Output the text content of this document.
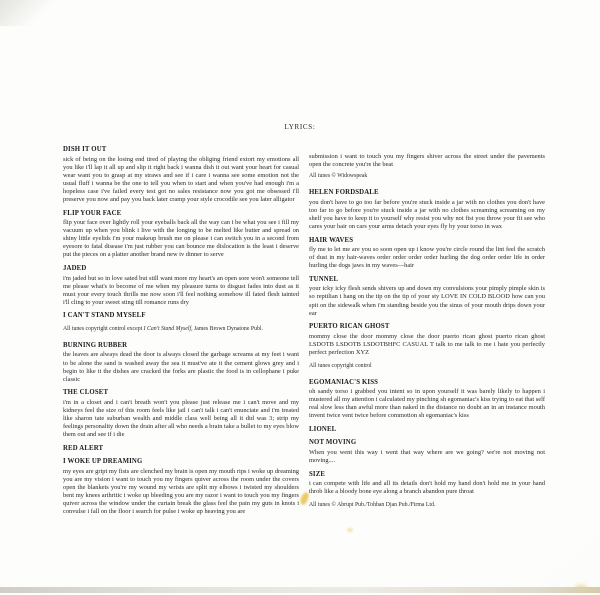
LYRICS:
DISH IT OUT

sick of being on the losing end tired of playing the obliging friend extort my emotions all you like i'll lap it all up and slip it right back i wanna dish it out want your heart for casual wear want you to grasp at my straws and see if i care i wanna see some emotion not the usual fluff i wanna be the one to tell you when to start and when you've had enough i'm a hopeless case i've failed every test got no sales resistance now you got me obsessed i'll preserve you now and pay you back later cramp your style crocodile see you later alligator

FLIP YOUR FACE

flip your face over lightly roll your eyeballs back all the way can i be what you see i fill my vacuum up when you blink i live with the longing to be melted like butter and spread on shiny little eyelids i'm your makeup brush me on please i can switch you in a second from eyesore to fatal disease i'm just rubber you can bounce me dislocation is the least i deserve put the pieces on a platter another brand new tv dinner to serve

JADED

i'm jaded but so in love sated but still want more my heart's an open sore won't someone tell me please what's to become of me when my pleasure turns to disgust fades into dust as it must your every touch thrills me now soon i'll feel nothing somehow ill fated flesh tainted i'll cling to your sweet sting till romance runs dry

I CAN'T STAND MYSELF

All tunes copyright control except I Can't Stand Myself, James Brown Dynatone Publ.

BURNING RUBBER

the leaves are always dead the door is always closed the garbage screams at my feet i want to be alone the sand is washed away the sea it must've ate it the cement glows grey and i begin to like it the dishes are cracked the forks are plastic the food is in cellophane i puke classic

THE CLOSET

i'm in a closet and i can't breath won't you please just release me i can't move and my kidneys feel the size of this room feels like jail i can't talk i can't enunciate and i'm treated like sharon tate suburban wealth and middle class well being all it did was 3; strip my feelings personality down the drain after all who needs a brain take a bullet to my eyes blow them out and see if i die

RED ALERT
I WOKE UP DREAMING

my eyes are gript my fists are clenched my brain is open my mouth rips i woke up dreaming you are my vision i want to touch you my fingers quiver across the room under the covers open the blankets you're my wound my wrists are split my elbows i twisted my shoulders bent my knees arthritic i woke up bleeding you are my razor i want to touch you my fingers quiver across the window under the curtain break the glass feel the pain my guts in knots i convulse i fall on the floor i search for pulse i woke up heaving you are

submission i want to touch you my fingers shiver across the street under the pavements open the concrete you're the beat

All tunes © Widowspeak

HELEN FORDSDALE

you don't have to go too far before you're stuck inside a jar with no clothes you don't have too far to go before you're stuck inside a jar with no clothes screaming screaming on my shelf you have to keep it to yourself why resist you why not fist you throw your fit see who cares your hair on cars your arms detach your eyes fly by your torso in wax

HAIR WAVES

fly me to let me are you so soon open up i know you're circle round the lint feel the scratch of dust in my hair-waves order order order order hurling the dog order order life in order hurling the dogs jaws in my waves—hair

TUNNEL

your icky icky flesh sends shivers up and down my convulsions your pimply pimple skin is so reptilian i hang on the tip on the tip of your sty LOVE IN COLD BLOOD how can you spit on the sidewalk when i'm standing beside you the sinus of your mouth drips down your ear

PUERTO RICAN GHOST

mommy close the door mommy close the door puerto rican ghost puerto rican ghost LSDOTB LSDOTB LSDOTBHFC CASUAL T talk to me talk to me i hate you perfectly perfect perfection XYZ

All tunes copyright control

EGOMANIAC'S KISS

oh sandy torso i grabbed you intent so in upon yourself it was barely likely to happen i mustered all my attention i calculated my pinching sh egomaniac's kiss trying to eat that self real slow less than awful more than naked in the distance no doubt an in an instance mouth invent twice vent twice before commotion sh egomaniac's kiss

LIONEL
NOT MOVING

When you went this way i went that way where are we going? we're not moving not moving....

SIZE

i can compete with life and all its details don't hold my hand don't hold me in your hand throb like a bloody bone eye along a branch abandon pure throat

All tunes © Abrupt Pub./Tohban Djan Pub./Firma Ltd.
